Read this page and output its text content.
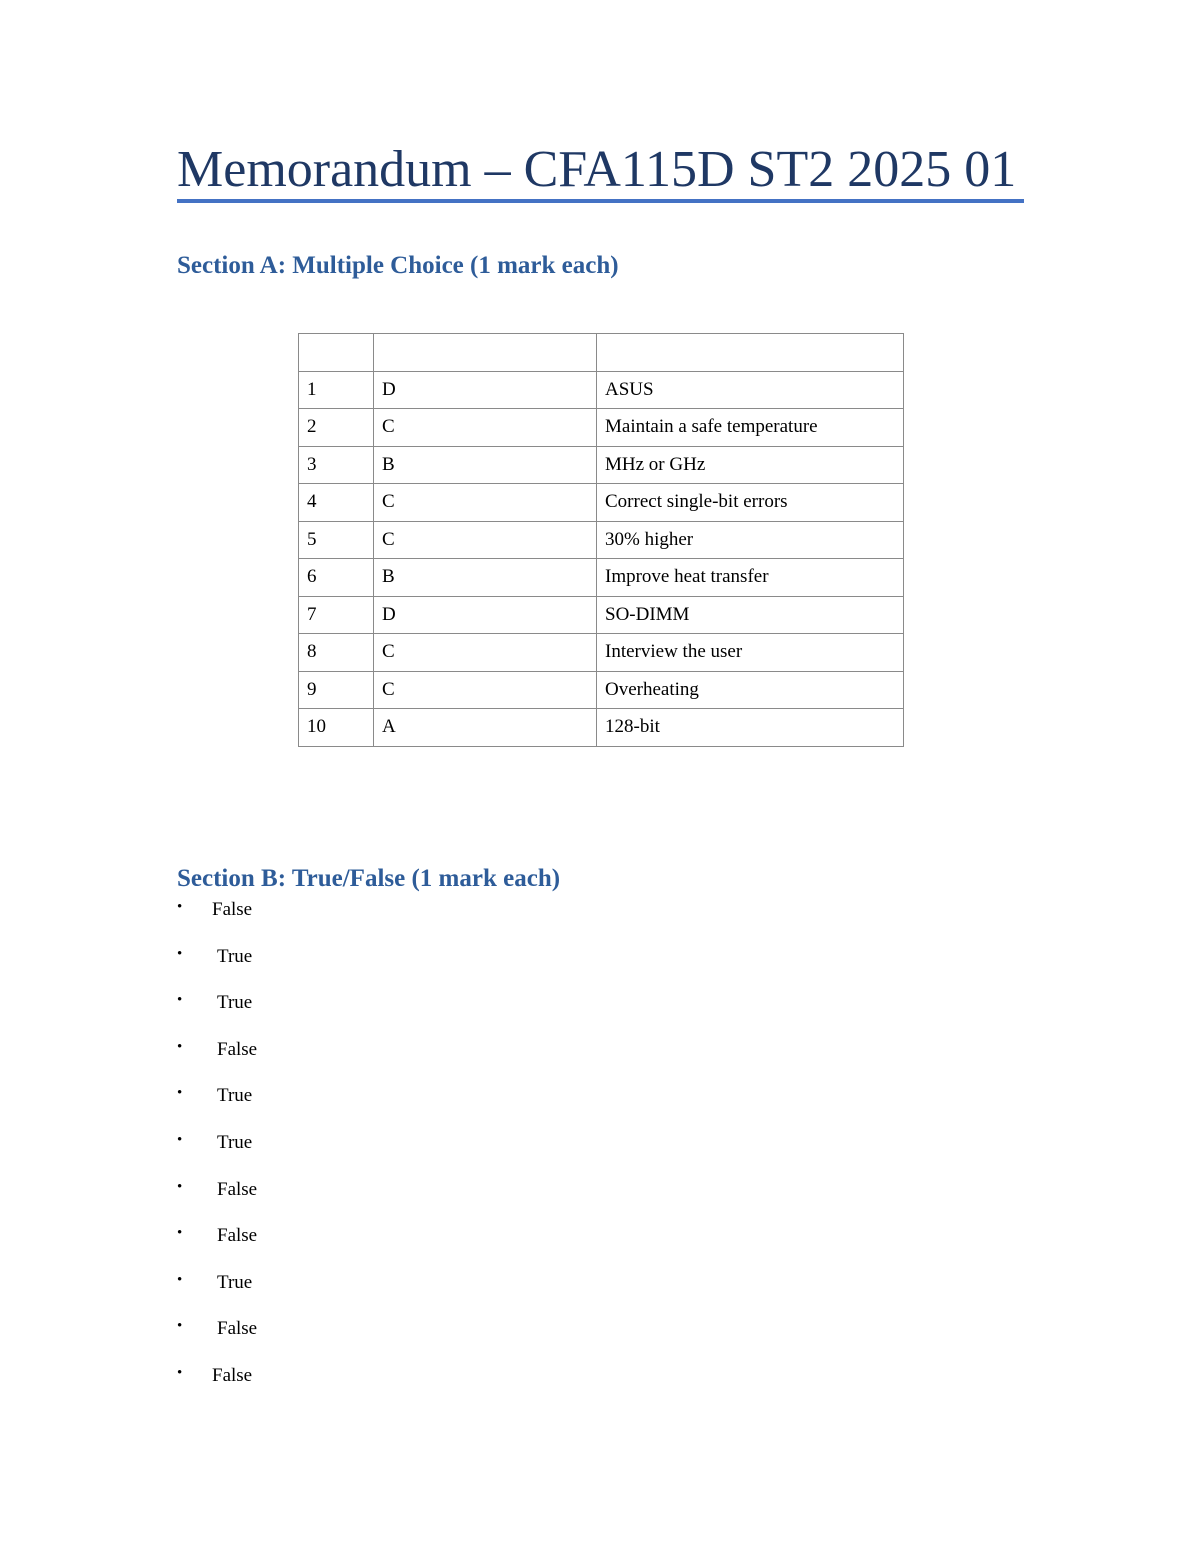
Memorandum – CFA115D ST2 2025 01
Section A: Multiple Choice (1 mark each)

1	D	ASUS
2	C	Maintain a safe temperature
3	B	MHz or GHz
4	C	Correct single-bit errors
5	C	30% higher
6	B	Improve heat transfer
7	D	SO-DIMM
8	C	Interview the user
9	C	Overheating
10	A	128-bit
Section B: True/False (1 mark each)
• False
• True
• True
• False
• True
• True
• False
• False
• True
• False
• False
